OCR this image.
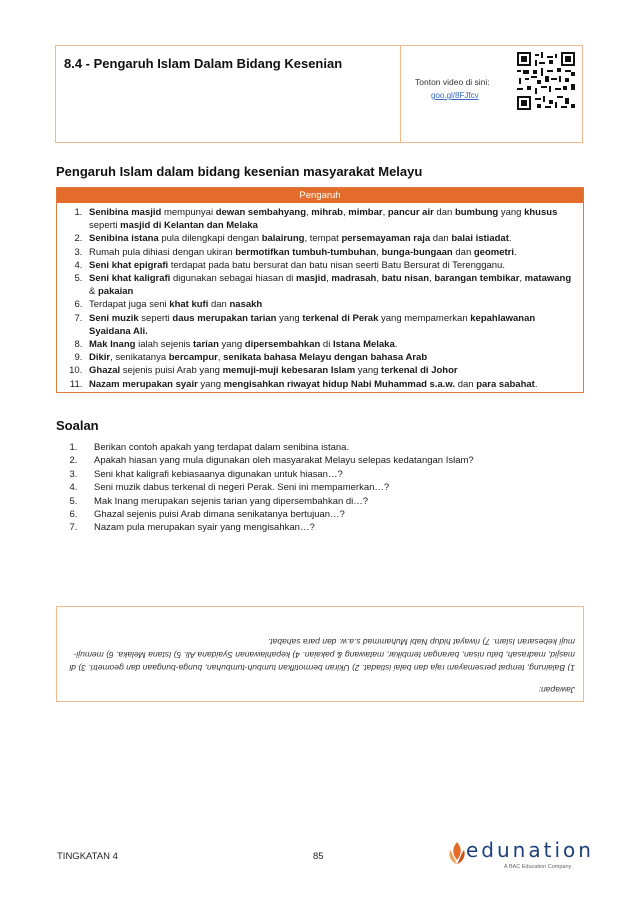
8.4 - Pengaruh Islam Dalam Bidang Kesenian
Tonton video di sini:
goo.gl/8FJfcv
Pengaruh Islam dalam bidang kesenian masyarakat Melayu
Pengaruh
1. Senibina masjid mempunyai dewan sembahyang, mihrab, mimbar, pancur air dan bumbung yang khusus seperti masjid di Kelantan dan Melaka
2. Senibina istana pula dilengkapi dengan balairung, tempat persemayaman raja dan balai istiadat.
3. Rumah pula dihiasi dengan ukiran bermotifkan tumbuh-tumbuhan, bunga-bungaan dan geometri.
4. Seni khat epigrafi terdapat pada batu bersurat dan batu nisan seerti Batu Bersurat di Terengganu.
5. Seni khat kaligrafi digunakan sebagai hiasan di masjid, madrasah, batu nisan, barangan tembikar, matawang & pakaian
6. Terdapat juga seni khat kufi dan nasakh
7. Seni muzik seperti daus merupakan tarian yang terkenal di Perak yang mempamerkan kepahlawanan Syaidana Ali.
8. Mak Inang ialah sejenis tarian yang dipersembahkan di Istana Melaka.
9. Dikir, senikatanya bercampur, senikata bahasa Melayu dengan bahasa Arab
10. Ghazal sejenis puisi Arab yang memuji-muji kebesaran Islam yang terkenal di Johor
11. Nazam merupakan syair yang mengisahkan riwayat hidup Nabi Muhammad s.a.w. dan para sabahat.
Soalan
1. Berikan contoh apakah yang terdapat dalam senibina istana.
2. Apakah hiasan yang mula digunakan oleh masyarakat Melayu selepas kedatangan Islam?
3. Seni khat kaligrafi kebiasaanya digunakan untuk hiasan…?
4. Seni muzik dabus terkenal di negeri Perak. Seni ini mempamerkan…?
5. Mak Inang merupakan sejenis tarian yang dipersembahkan di…?
6. Ghazal sejenis puisi Arab dimana senikatanya bertujuan…?
7. Nazam pula merupakan syair yang mengisahkan…?
Jawapan:
1) Balairung, tempat persemayam raja dan balai istiadat. 2) Ukiran bermotifkan tumbuh-tumbuhan, bunga-bungaan dan geometri. 3) di masjid, madrasah, batu nisan, barangan tembikar, matawang & pakaian. 4) kepahlawanan Syaidana Ali. 5) Istana Melaka. 6) memuji-muji kebesaran Islam. 7) riwayat hidup Nabi Muhammad s.a.w. dan para sahabat.
TINGKATAN 4	85	edunation
A BAC Education Company
